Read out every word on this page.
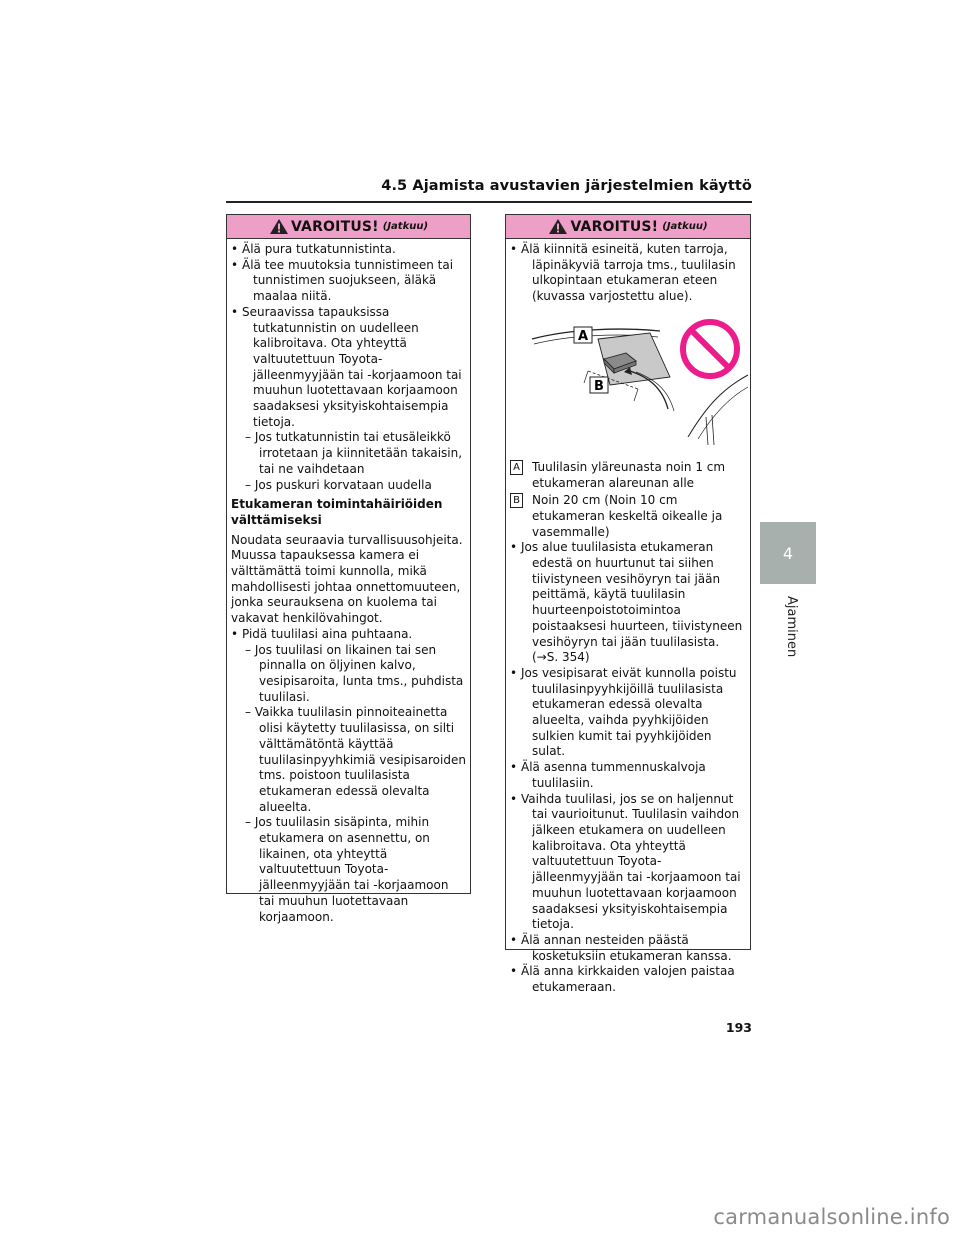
4.5 Ajamista avustavien järjestelmien käyttö
VAROITUS! (Jatkuu)

• Älä pura tutkatunnistinta.

• Älä tee muutoksia tunnistimeen tai tunnistimen suojukseen, äläkä maalaa niitä.

• Seuraavissa tapauksissa tutkatunnistin on uudelleen kalibroitava. Ota yhteyttä valtuutettuun Toyota-jälleenmyyjään tai -korjaamoon tai muuhun luotettavaan korjaamoon saadaksesi yksityiskohtaisempia tietoja.

– Jos tutkatunnistin tai etusäleikkö irrotetaan ja kiinnitetään takaisin, tai ne vaihdetaan

– Jos puskuri korvataan uudella

Etukameran toimintahäiriöiden välttämiseksi

Noudata seuraavia turvallisuusohjeita. Muussa tapauksessa kamera ei välttämättä toimi kunnolla, mikä mahdollisesti johtaa onnettomuuteen, jonka seurauksena on kuolema tai vakavat henkilövahingot.

• Pidä tuulilasi aina puhtaana.

– Jos tuulilasi on likainen tai sen pinnalla on öljyinen kalvo, vesipisaroita, lunta tms., puhdista tuulilasi.

– Vaikka tuulilasin pinnoiteainetta olisi käytetty tuulilasissa, on silti välttämätöntä käyttää tuulilasinpyyhkimiä vesipisaroiden tms. poistoon tuulilasista etukameran edessä olevalta alueelta.

– Jos tuulilasin sisäpinta, mihin etukamera on asennettu, on likainen, ota yhteyttä valtuutettuun Toyota-jälleenmyyjään tai -korjaamoon tai muuhun luotettavaan korjaamoon.

VAROITUS! (Jatkuu)

• Älä kiinnitä esineitä, kuten tarroja, läpinäkyviä tarroja tms., tuulilasin ulkopintaan etukameran eteen (kuvassa varjostettu alue).

A
B

A Tuulilasin yläreunasta noin 1 cm etukameran alareunan alle

B Noin 20 cm (Noin 10 cm etukameran keskeltä oikealle ja vasemmalle)

• Jos alue tuulilasista etukameran edestä on huurtunut tai siihen tiivistyneen vesihöyryn tai jään peittämä, käytä tuulilasin huurteenpoistotoimintoa poistaaksesi huurteen, tiivistyneen vesihöyryn tai jään tuulilasista. (→S. 354)

• Jos vesipisarat eivät kunnolla poistu tuulilasinpyyhkijöillä tuulilasista etukameran edessä olevalta alueelta, vaihda pyyhkijöiden sulkien kumit tai pyyhkijöiden sulat.

• Älä asenna tummennuskalvoja tuulilasiin.

• Vaihda tuulilasi, jos se on haljennut tai vaurioitunut. Tuulilasin vaihdon jälkeen etukamera on uudelleen kalibroitava. Ota yhteyttä valtuutettuun Toyota-jälleenmyyjään tai -korjaamoon tai muuhun luotettavaan korjaamoon saadaksesi yksityiskohtaisempia tietoja.

• Älä annan nesteiden päästä kosketuksiin etukameran kanssa.

• Älä anna kirkkaiden valojen paistaa etukameraan.

4
Ajaminen
193
carmanualsonline.info
